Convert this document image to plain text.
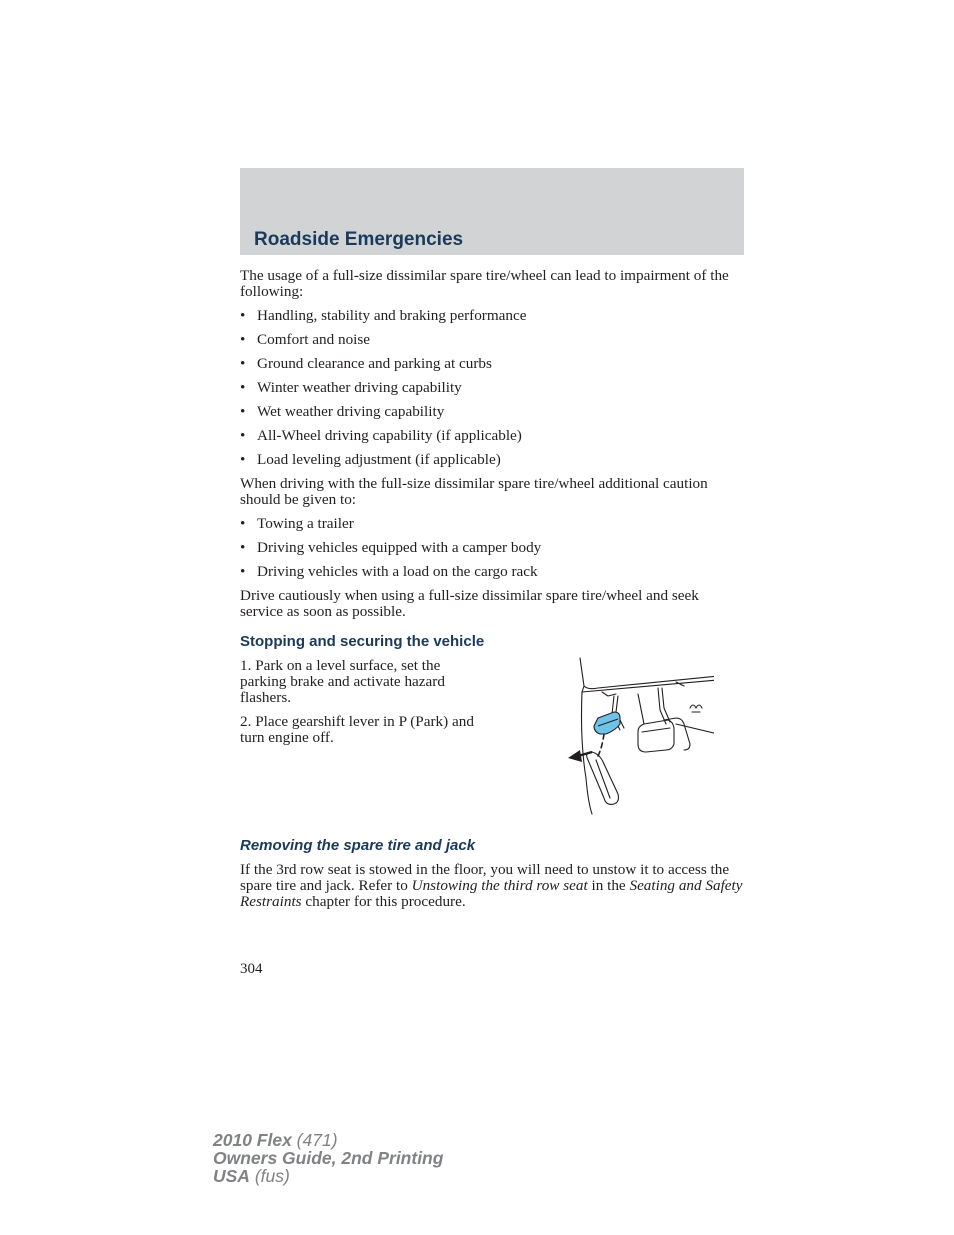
Roadside Emergencies

The usage of a full-size dissimilar spare tire/wheel can lead to impairment of the following:

• Handling, stability and braking performance
• Comfort and noise
• Ground clearance and parking at curbs
• Winter weather driving capability
• Wet weather driving capability
• All-Wheel driving capability (if applicable)
• Load leveling adjustment (if applicable)

When driving with the full-size dissimilar spare tire/wheel additional caution should be given to:

• Towing a trailer
• Driving vehicles equipped with a camper body
• Driving vehicles with a load on the cargo rack

Drive cautiously when using a full-size dissimilar spare tire/wheel and seek service as soon as possible.

Stopping and securing the vehicle

1. Park on a level surface, set the parking brake and activate hazard flashers.

2. Place gearshift lever in P (Park) and turn engine off.

Removing the spare tire and jack

If the 3rd row seat is stowed in the floor, you will need to unstow it to access the spare tire and jack. Refer to Unstowing the third row seat in the Seating and Safety Restraints chapter for this procedure.

304
2010 Flex (471)
Owners Guide, 2nd Printing
USA (fus)
